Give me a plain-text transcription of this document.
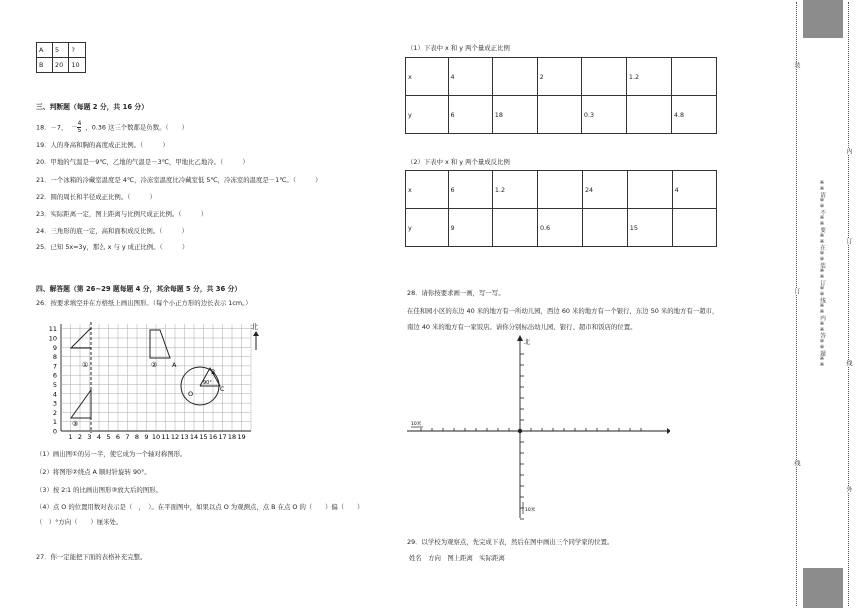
A	5	?
B	20	10
三、判断题（每题 2 分，共 16 分）
18．－7， － $\frac{4}{5}$ ，0.36 这三个数都是负数。（　　）
19．人的身高和胸的高度成正比例。（　　　）
20．甲地的气温是－9℃，乙地的气温是－3℃，甲地比乙地冷。（　　　）
21．一个冰箱的冷藏室温度是 4℃，冷冻室温度比冷藏室低 5℃，冷冻室的温度是－1℃。（　　　）
22．圆的周长和半径成正比例。（　　　）
23．实际距离一定，图上距离与比例尺成正比例。（　　　）
24．三角形的底一定，高和面积成反比例。（　　　）
25．已知 5x=3y，那么 x 与 y 成正比例。（　　　）
四、解答题（第 26~29 题每题 4 分，其余每题 5 分，共 36 分）
26．按要求填空并在方格纸上画出图形。（每个小正方形的边长表示 1cm。）
11
10
9
8
7
6
5
4
3
2
1
0
1 2 3 4 5 6 7 8 9 10 11 12 13 14 15 16 17 18 19
①	② A
③
O
B
C
90°
北
（1）画出图①的另一半，使它成为一个轴对称图形。
（2）将图形②绕点 A 顺时针旋转 90°。
（3）按 2∶1 的比画出图形③放大后的图形。
（4）点 O 的位置用数对表示是（　，　）。在平面图中，如果以点 O 为观测点，点 B 在点 O 的（　　）偏（　　）
（　）°方向（　　）厘米处。
27．你一定能把下面的表格补充完整。
（1）下表中 x 和 y 两个量成正比例
x	4		2		1.2	
y	6	18		0.3		4.8
（2）下表中 x 和 y 两个量成反比例
x	6	1.2		24		4
y	9		0.6		15	
28．请你按要求画一画，写一写。
在佳和园小区的东边 40 米的地方有一所幼儿园，西边 60 米的地方有一个银行，东边 50 米的地方有一超市，
南边 40 米的地方有一家饭店。请你分别标出幼儿园、银行、超市和饭店的位置。
北
10米
10米
29．以学校为观察点，先完成下表，然后在图中画出三个同学家的位置。
姓名　方向　图上距离　实际距离
装
订
线
※※请※※不※※要※※在※※装※※订※※线※※内※※答※※题※※
内
订
线
外
